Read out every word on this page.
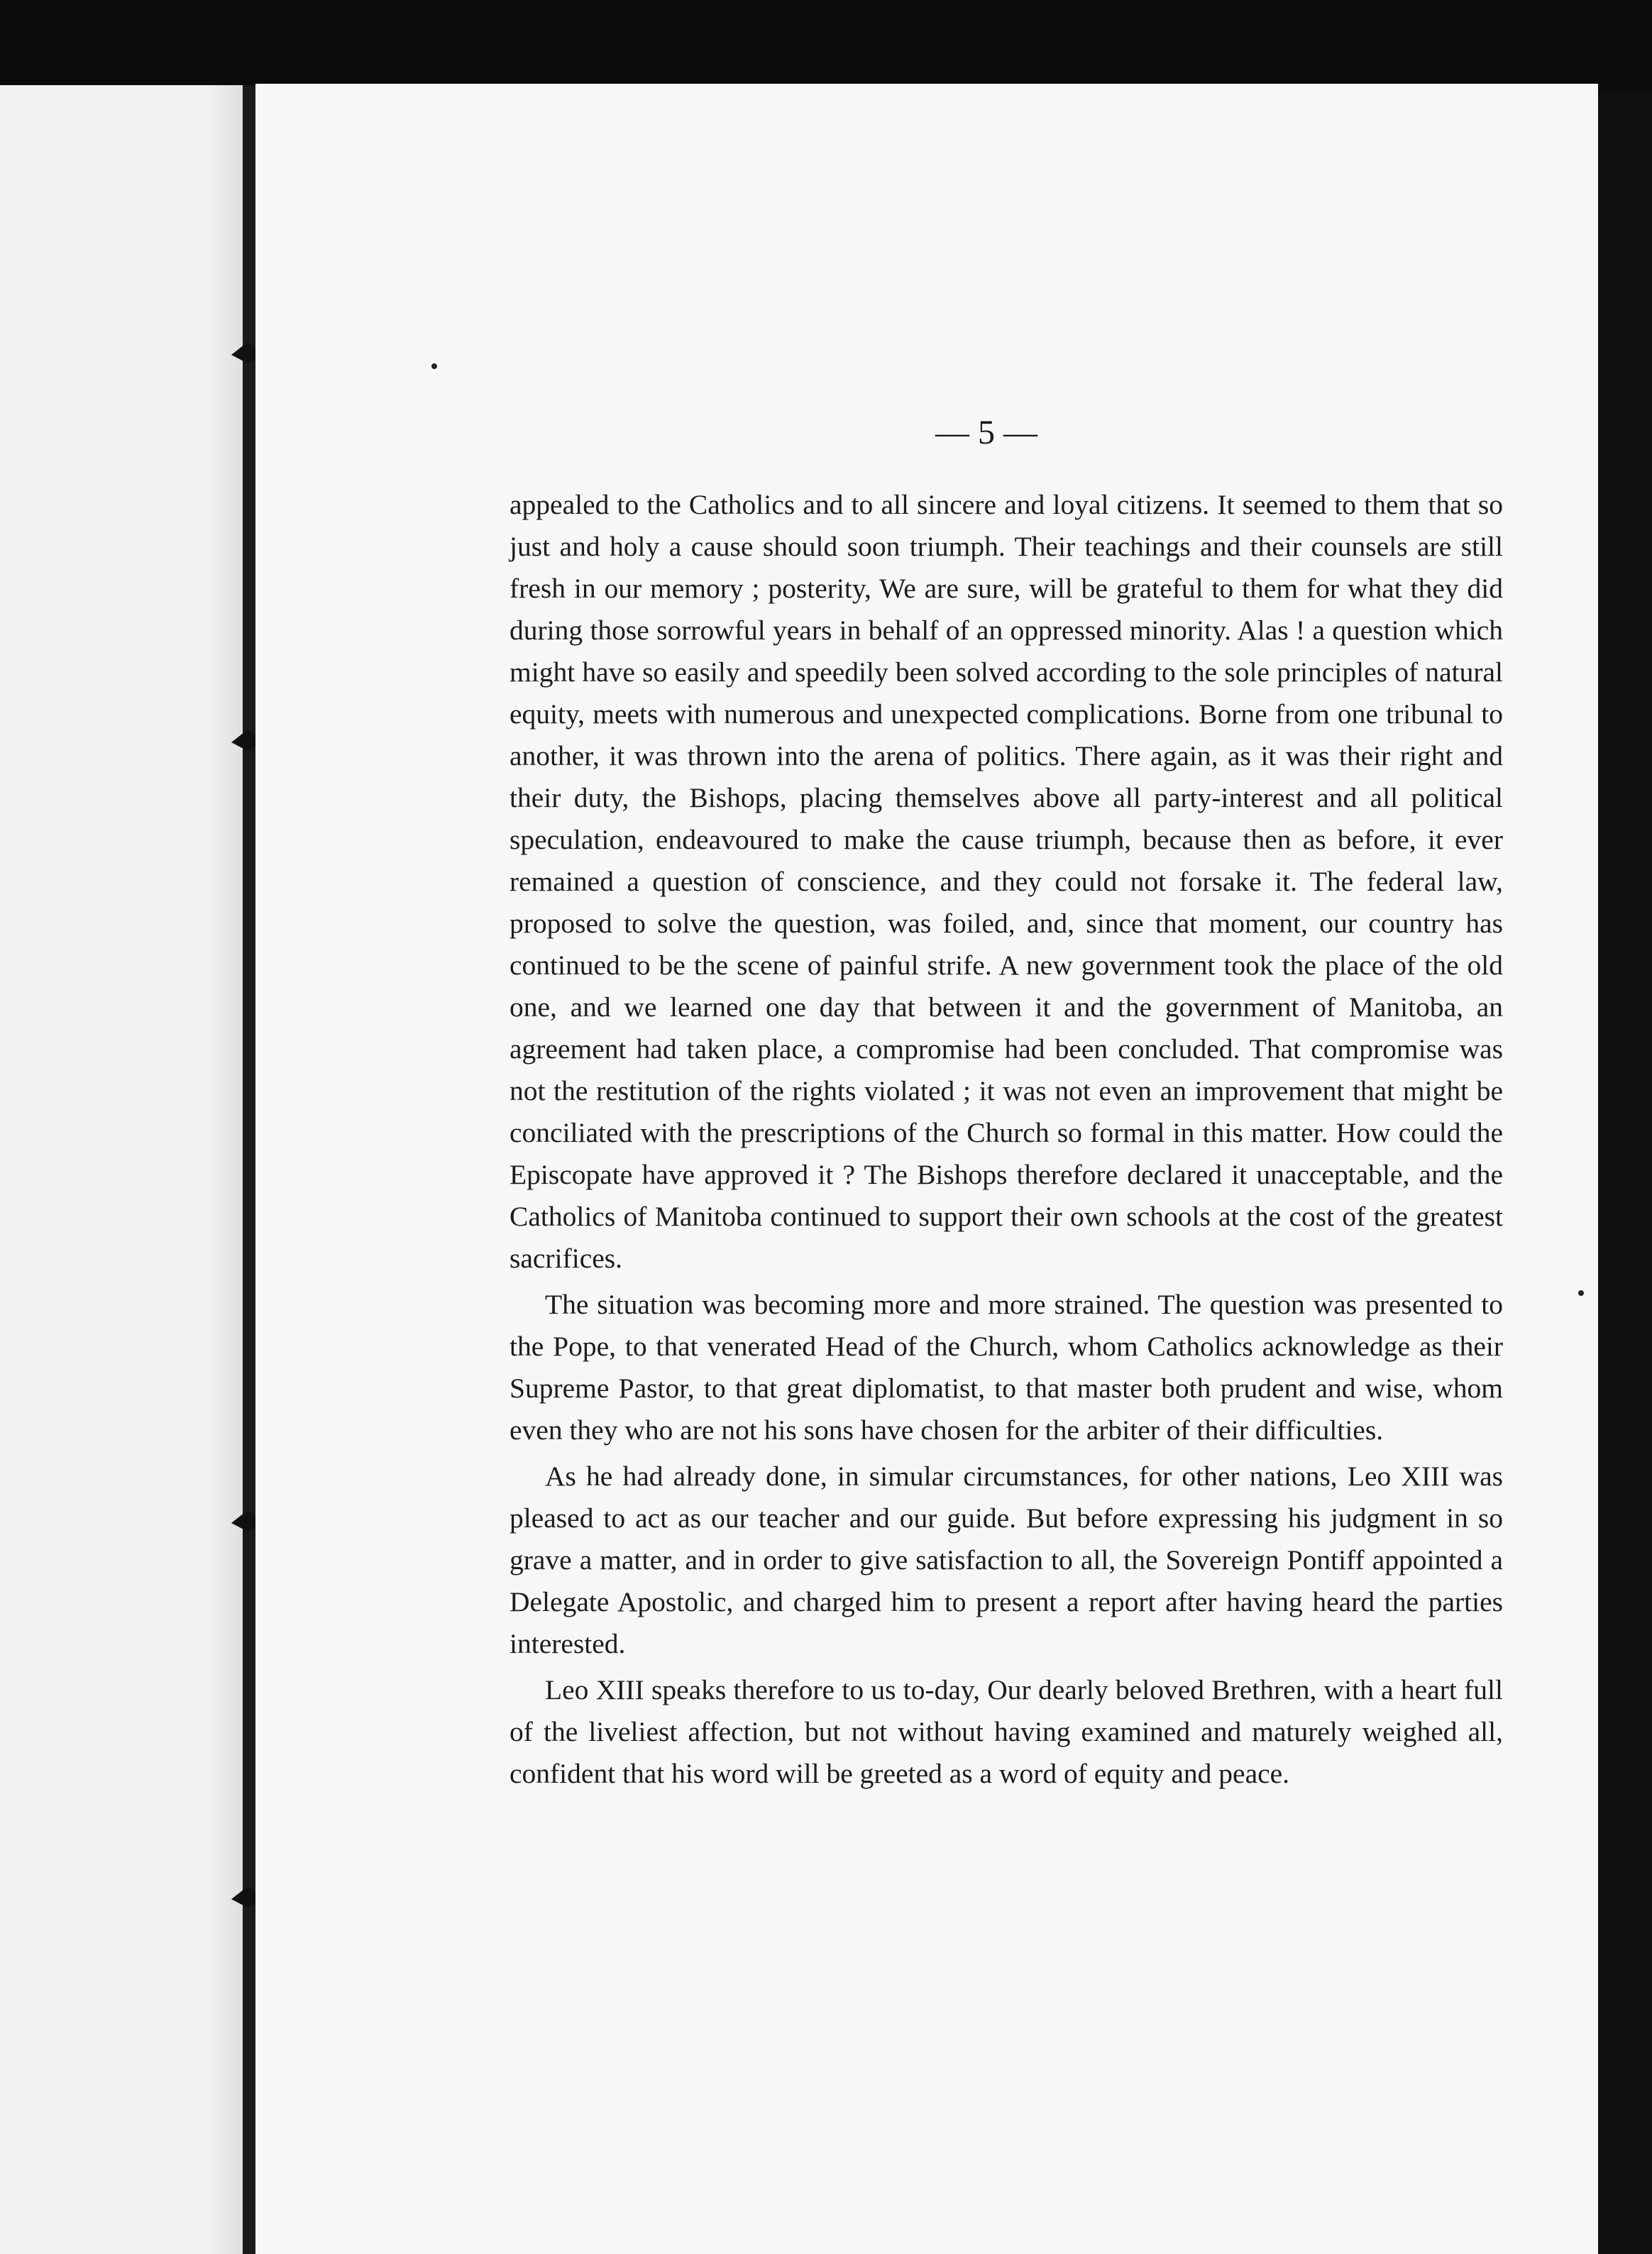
— 5 —

appealed to the Catholics and to all sincere and loyal citizens. It seemed to them that so just and holy a cause should soon triumph. Their teachings and their counsels are still fresh in our memory ; posterity, We are sure, will be grateful to them for what they did during those sorrowful years in behalf of an oppressed minority. Alas ! a question which might have so easily and speedily been solved according to the sole principles of natural equity, meets with numerous and unexpected complications. Borne from one tribunal to another, it was thrown into the arena of politics. There again, as it was their right and their duty, the Bishops, placing themselves above all party-interest and all political speculation, endeavoured to make the cause triumph, because then as before, it ever remained a question of conscience, and they could not forsake it. The federal law, proposed to solve the question, was foiled, and, since that moment, our country has continued to be the scene of painful strife. A new government took the place of the old one, and we learned one day that between it and the government of Manitoba, an agreement had taken place, a compromise had been concluded. That compromise was not the restitution of the rights violated ; it was not even an improvement that might be conciliated with the prescriptions of the Church so formal in this matter. How could the Episcopate have approved it ? The Bishops therefore declared it unacceptable, and the Catholics of Manitoba continued to support their own schools at the cost of the greatest sacrifices.

The situation was becoming more and more strained. The question was presented to the Pope, to that venerated Head of the Church, whom Catholics acknowledge as their Supreme Pastor, to that great diplomatist, to that master both prudent and wise, whom even they who are not his sons have chosen for the arbiter of their difficulties.

As he had already done, in simular circumstances, for other nations, Leo XIII was pleased to act as our teacher and our guide. But before expressing his judgment in so grave a matter, and in order to give satisfaction to all, the Sovereign Pontiff appointed a Delegate Apostolic, and charged him to present a report after having heard the parties interested.

Leo XIII speaks therefore to us to-day, Our dearly beloved Brethren, with a heart full of the liveliest affection, but not without having examined and maturely weighed all, confident that his word will be greeted as a word of equity and peace.
